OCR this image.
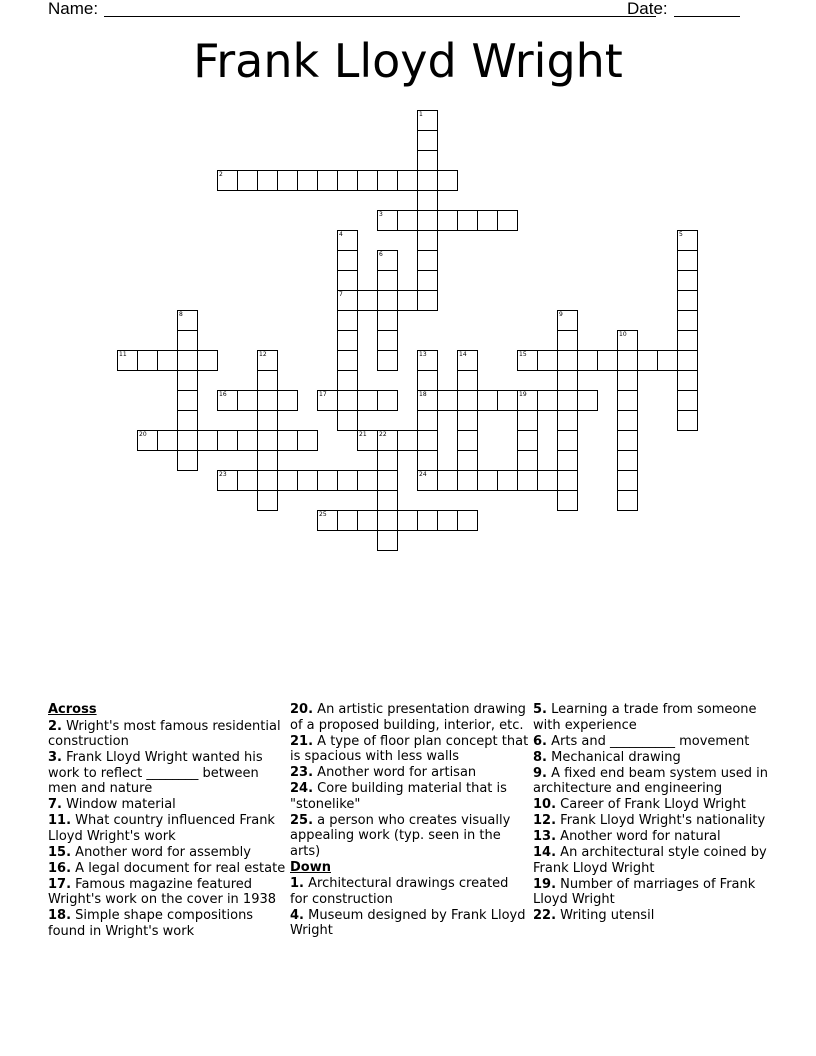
Name:	Date:
Frank Lloyd Wright
1
2
3
4
7
5
6
8	9
10
11	12	13
18
24
14	15
16	17	19
20	21 22
23
25
Across
2. Wright's most famous residential construction
3. Frank Lloyd Wright wanted his work to reflect ________ between men and nature
7. Window material
11. What country influenced Frank Lloyd Wright's work
15. Another word for assembly
16. A legal document for real estate
17. Famous magazine featured Wright's work on the cover in 1938
18. Simple shape compositions found in Wright's work
20. An artistic presentation drawing of a proposed building, interior, etc.
21. A type of floor plan concept that is spacious with less walls
23. Another word for artisan
24. Core building material that is "stonelike"
25. a person who creates visually appealing work (typ. seen in the arts)
Down
1. Architectural drawings created for construction
4. Museum designed by Frank Lloyd Wright
5. Learning a trade from someone with experience
6. Arts and __________ movement
8. Mechanical drawing
9. A fixed end beam system used in architecture and engineering
10. Career of Frank Lloyd Wright
12. Frank Lloyd Wright's nationality
13. Another word for natural
14. An architectural style coined by Frank Lloyd Wright
19. Number of marriages of Frank Lloyd Wright
22. Writing utensil
